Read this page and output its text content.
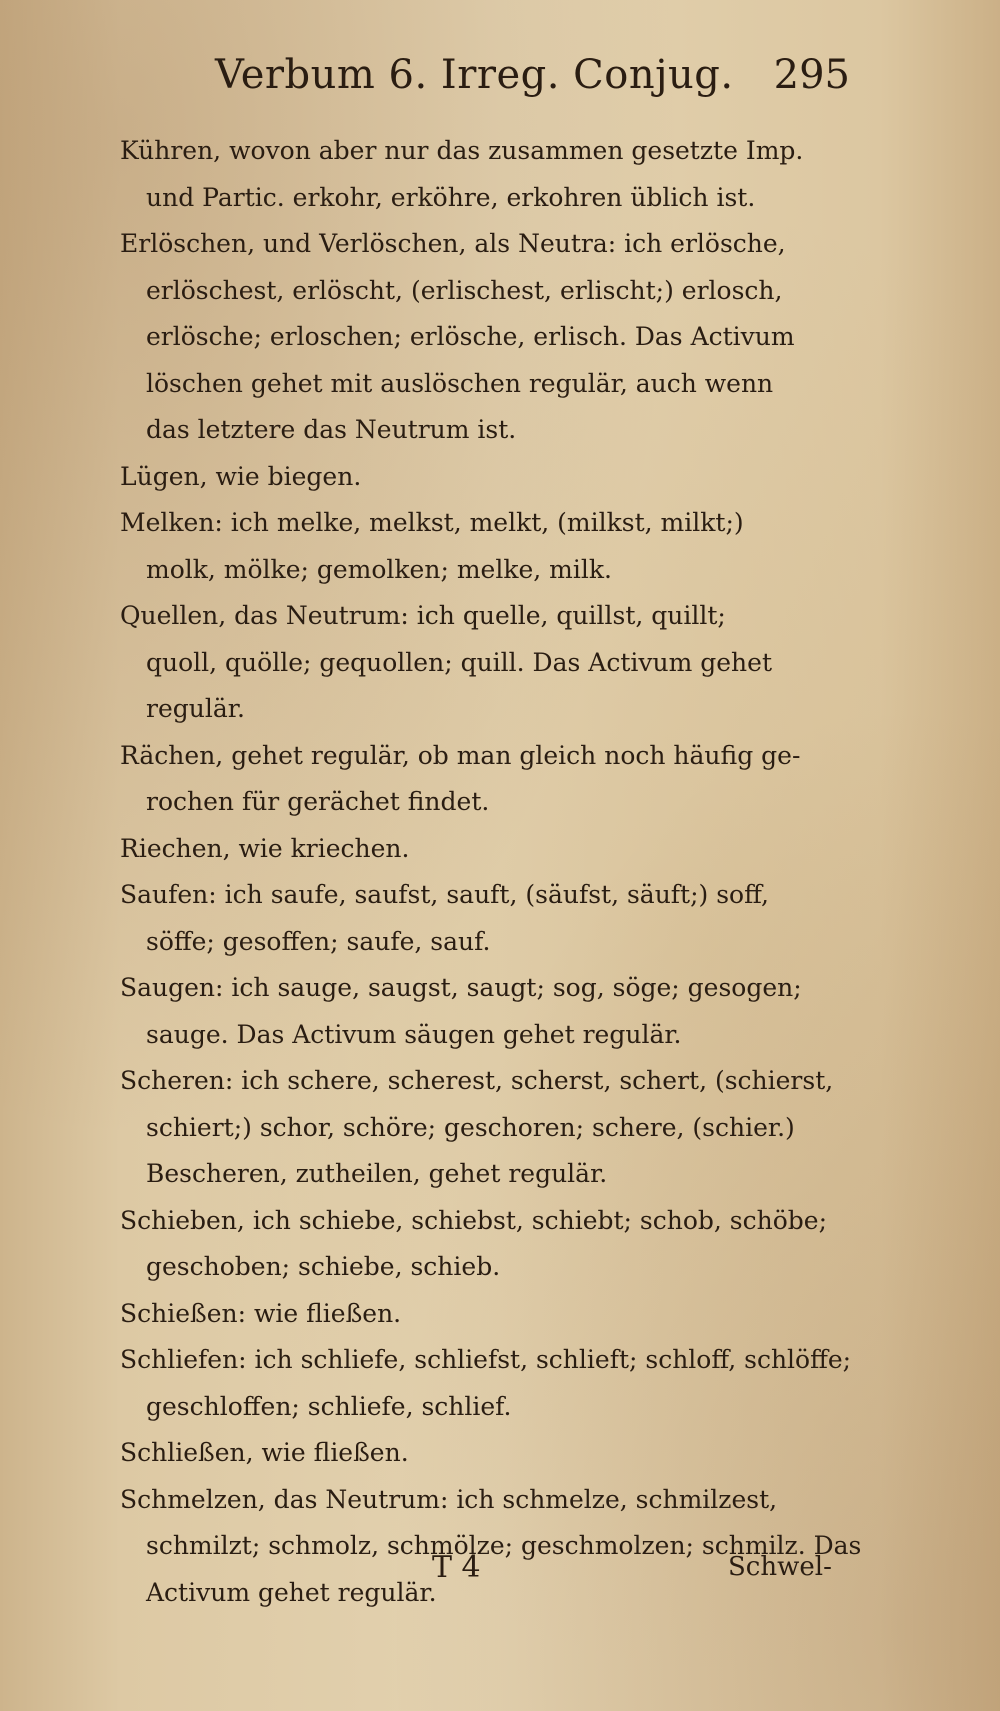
Verbum 6. Irreg. Conjug. 295
Kühren, wovon aber nur das zusammen gesetzte Imp.
und Partic. erkohr, erköhre, erkohren üblich ist.
Erlöschen, und Verlöschen, als Neutra: ich erlösche,
erlöschest, erlöscht, (erlischest, erlischt;) erlosch,
erlösche; erloschen; erlösche, erlisch. Das Activum
löschen gehet mit auslöschen regulär, auch wenn
das letztere das Neutrum ist.
Lügen, wie biegen.
Melken: ich melke, melkst, melkt, (milkst, milkt;)
molk, mölke; gemolken; melke, milk.
Quellen, das Neutrum: ich quelle, quillst, quillt;
quoll, quölle; gequollen; quill. Das Activum gehet
regulär.
Rächen, gehet regulär, ob man gleich noch häufig ge-
rochen für gerächet findet.
Riechen, wie kriechen.
Saufen: ich saufe, saufst, sauft, (säufst, säuft;) soff,
söffe; gesoffen; saufe, sauf.
Saugen: ich sauge, saugst, saugt; sog, söge; gesogen;
sauge. Das Activum säugen gehet regulär.
Scheren: ich schere, scherest, scherst, schert, (schierst,
schiert;) schor, schöre; geschoren; schere, (schier.)
Bescheren, zutheilen, gehet regulär.
Schieben, ich schiebe, schiebst, schiebt; schob, schöbe;
geschoben; schiebe, schieb.
Schießen: wie fließen.
Schliefen: ich schliefe, schliefst, schlieft; schloff, schlöffe;
geschloffen; schliefe, schlief.
Schließen, wie fließen.
Schmelzen, das Neutrum: ich schmelze, schmilzest,
schmilzt; schmolz, schmölze; geschmolzen; schmilz. Das
Activum gehet regulär.
T 4	Schwel-
